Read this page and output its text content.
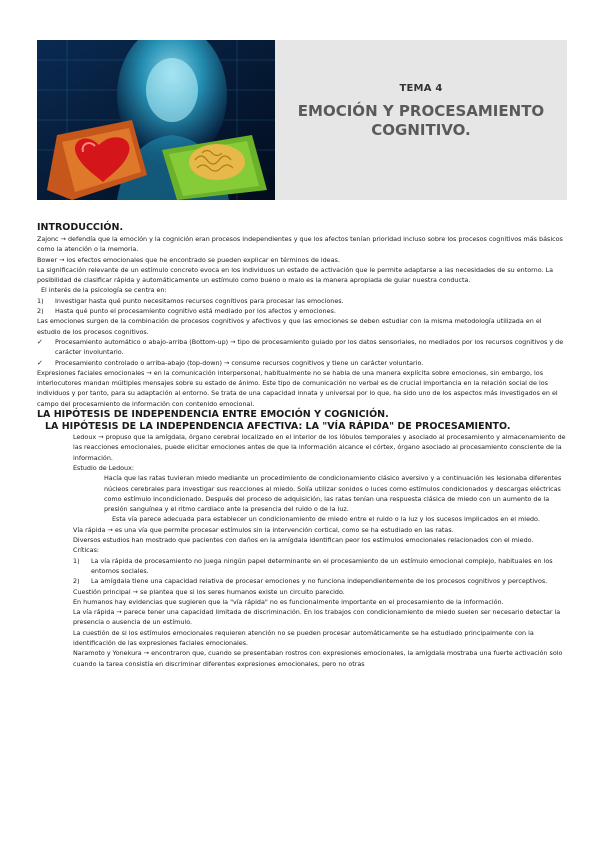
TEMA 4
EMOCIÓN Y PROCESAMIENTO
COGNITIVO.

INTRODUCCIÓN.

Zajonc → defendía que la emoción y la cognición eran procesos independientes y que los afectos tenían prioridad incluso sobre los procesos cognitivos más básicos como la atención o la memoria.

Bower → los efectos emocionales que he encontrado se pueden explicar en términos de ideas.

La significación relevante de un estímulo concreto evoca en los individuos un estado de activación que le permite adaptarse a las necesidades de su entorno. La posibilidad de clasificar rápida y automáticamente un estímulo como bueno o malo es la manera apropiada de guiar nuestra conducta.

El interés de la psicología se centra en:

1)	Investigar hasta qué punto necesitamos recursos cognitivos para procesar las emociones.
2)	Hasta qué punto el procesamiento cognitivo está mediado por los afectos y emociones.

Las emociones surgen de la combinación de procesos cognitivos y afectivos y que las emociones se deben estudiar con la misma metodología utilizada en el estudio de los procesos cognitivos.

✓	Procesamiento automático o abajo-arriba (Bottom-up) → tipo de procesamiento guiado por los datos sensoriales, no mediados por los recursos cognitivos y de carácter involuntario.
✓	Procesamiento controlado o arriba-abajo (top-down) → consume recursos cognitivos y tiene un carácter voluntario.

Expresiones faciales emocionales → en la comunicación interpersonal, habitualmente no se habla de una manera explícita sobre emociones, sin embargo, los interlocutores mandan múltiples mensajes sobre su estado de ánimo. Este tipo de comunicación no verbal es de crucial importancia en la relación social de los individuos y por tanto, para su adaptación al entorno. Se trata de una capacidad innata y universal por lo que, ha sido uno de los aspectos más investigados en el campo del procesamiento de información con contenido emocional.

LA HIPÓTESIS DE INDEPENDENCIA ENTRE EMOCIÓN Y COGNICIÓN.

LA HIPÓTESIS DE LA INDEPENDENCIA AFECTIVA: LA "VÍA RÁPIDA" DE PROCESAMIENTO.

Ledoux → propuso que la amígdala, órgano cerebral localizado en el interior de los lóbulos temporales y asociado al procesamiento y almacenamiento de las reacciones emocionales, puede elicitar emociones antes de que la información alcance el córtex, órgano asociado al procesamiento consciente de la información.

Estudio de Ledoux:

Hacía que las ratas tuvieran miedo mediante un procedimiento de condicionamiento clásico aversivo y a continuación les lesionaba diferentes núcleos cerebrales para investigar sus reacciones al miedo. Solía utilizar sonidos o luces como estímulos condicionados y descargas eléctricas como estímulo incondicionado. Después del proceso de adquisición, las ratas tenían una respuesta clásica de miedo con un aumento de la presión sanguínea y el ritmo cardiaco ante la presencia del ruido o de la luz.

Esta vía parece adecuada para establecer un condicionamiento de miedo entre el ruido o la luz y los sucesos implicados en el miedo.

Vía rápida → es una vía que permite procesar estímulos sin la intervención cortical, como se ha estudiado en las ratas.

Diversos estudios han mostrado que pacientes con daños en la amígdala identifican peor los estímulos emocionales relacionados con el miedo.

Críticas:

1)	La vía rápida de procesamiento no juega ningún papel determinante en el procesamiento de un estímulo emocional complejo, habituales en los entornos sociales.
2)	La amígdala tiene una capacidad relativa de procesar emociones y no funciona independientemente de los procesos cognitivos y perceptivos.

Cuestión principal → se plantea que si los seres humanos existe un circuito parecido.

En humanos hay evidencias que sugieren que la "vía rápida" no es funcionalmente importante en el procesamiento de la información.

La vía rápida → parece tener una capacidad limitada de discriminación. En los trabajos con condicionamiento de miedo suelen ser necesario detectar la presencia o ausencia de un estímulo.

La cuestión de si los estímulos emocionales requieren atención no se pueden procesar automáticamente se ha estudiado principalmente con la identificación de las expresiones faciales emocionales.

Naramoto y Yonekura → encontraron que, cuando se presentaban rostros con expresiones emocionales, la amígdala mostraba una fuerte activación solo cuando la tarea consistía en discriminar diferentes expresiones emocionales, pero no otras
